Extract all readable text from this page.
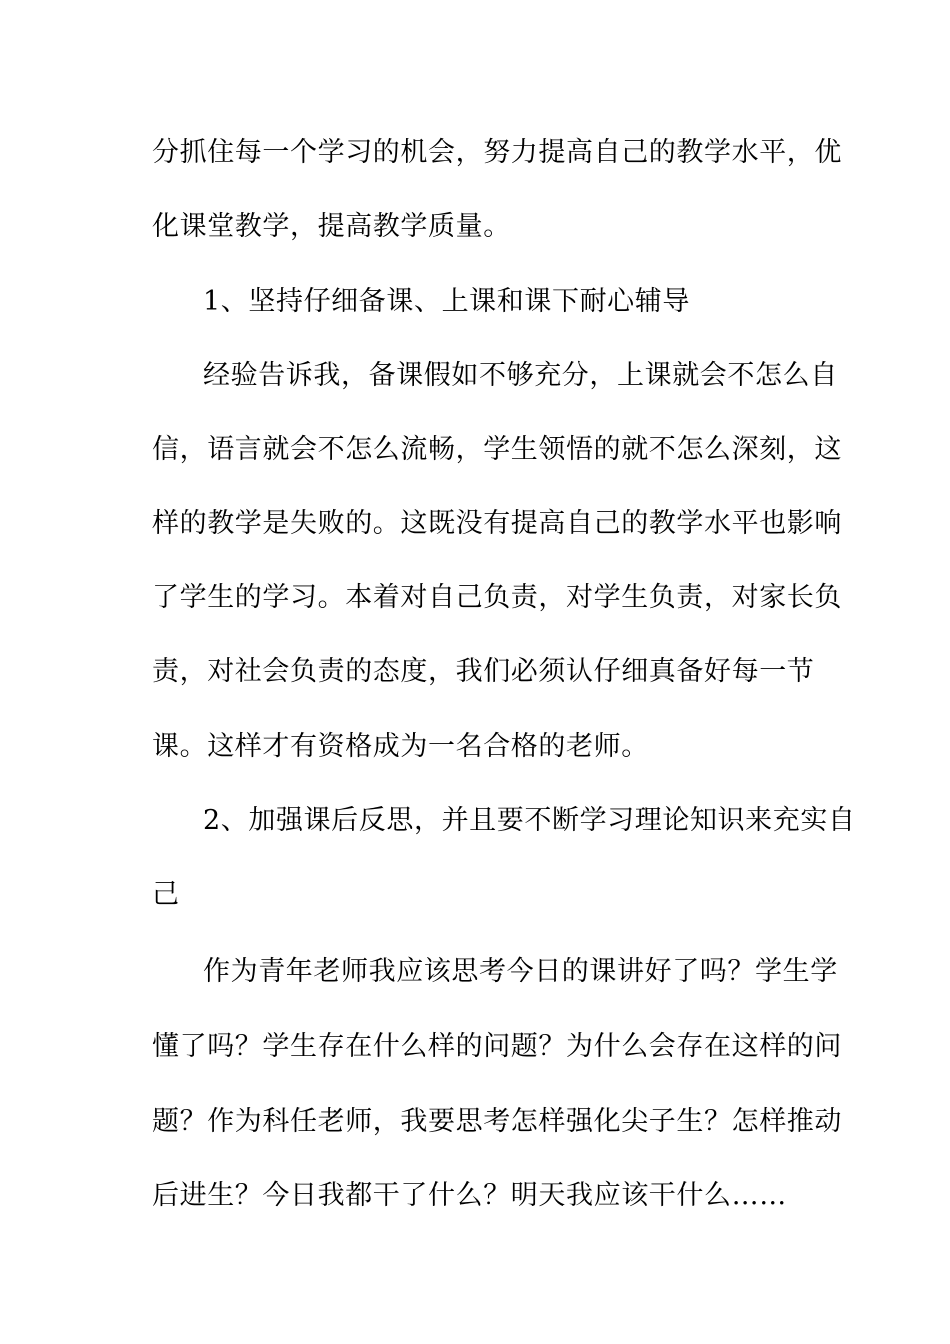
分抓住每一个学习的机会，努力提高自己的教学水平，优
化课堂教学，提高教学质量。
1、坚持仔细备课、上课和课下耐心辅导
经验告诉我，备课假如不够充分，上课就会不怎么自
信，语言就会不怎么流畅，学生领悟的就不怎么深刻，这
样的教学是失败的。这既没有提高自己的教学水平也影响
了学生的学习。本着对自己负责，对学生负责，对家长负
责，对社会负责的态度，我们必须认仔细真备好每一节
课。这样才有资格成为一名合格的老师。
2、加强课后反思，并且要不断学习理论知识来充实自
己
作为青年老师我应该思考今日的课讲好了吗？学生学
懂了吗？学生存在什么样的问题？为什么会存在这样的问
题？作为科任老师，我要思考怎样强化尖子生？怎样推动
后进生？今日我都干了什么？明天我应该干什么……
